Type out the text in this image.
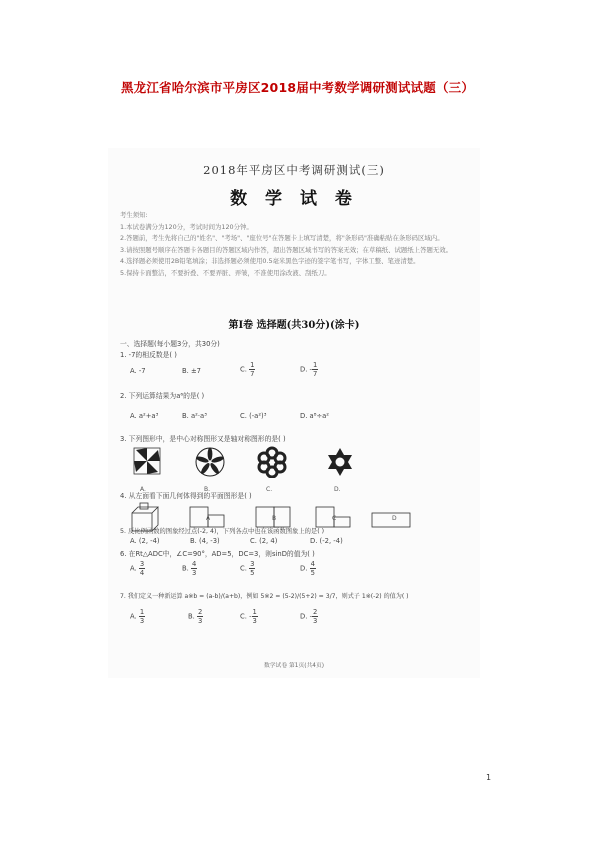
黑龙江省哈尔滨市平房区2018届中考数学调研测试试题（三）
2018年平房区中考调研测试(三)
数 学 试 卷
考生须知:
1.本试卷满分为120分，考试时间为120分钟。
2.答题前，考生先将自己的"姓名"、"考场"、"座位号"在答题卡上填写清楚，将"条形码"准确粘贴在条形码区域内。
3.请按照题号顺序在答题卡各题目的答题区域内作答，超出答题区域书写的答案无效；在草稿纸、试题纸上答题无效。
4.选择题必须使用2B铅笔填涂；非选择题必须使用0.5毫米黑色字迹的签字笔书写，字体工整、笔迹清楚。
5.保持卡面整洁，不要折叠、不要弄脏、弄皱，不准使用涂改液、刮纸刀。
第Ⅰ卷 选择题(共30分)(涂卡)
一、选择题(每小题3分，共30分)
1. -7的相反数是( )
A. -7	B. ±7	C. $\frac{1}{7}$	D. - $\frac{1}{7}$
2. 下列运算结果为a⁶的是( )
A. a²+a³	B. a²·a³	C. (-a²)³	D. a⁸÷a²
3. 下列图形中，是中心对称图形又是轴对称图形的是( )
A.	B.	C.	D.
4. 从左面看下面几何体得到的平面图形是( )
A	B	C	D
5. 反比例函数的图象经过点(-2, 4)，下列各点中也在该函数图象上的是( )
A. (2, -4)	B. (4, -3)	C. (2, 4)	D. (-2, -4)
6. 在Rt△ADC中，∠C=90°，AD=5，DC=3，则sinD的值为( )
A. $\frac{3}{4}$	B. $\frac{4}{3}$	C. $\frac{3}{5}$	D. $\frac{4}{5}$
7. 我们定义一种新运算 a※b = (a-b)/(a+b)，例如 5※2 = (5-2)/(5+2) = 3/7，则式子 1※(-2) 的值为( )
A. $\frac{1}{3}$	B. $\frac{2}{3}$	C. - $\frac{1}{3}$	D. - $\frac{2}{3}$
数学试卷 第1页(共4页)
1
